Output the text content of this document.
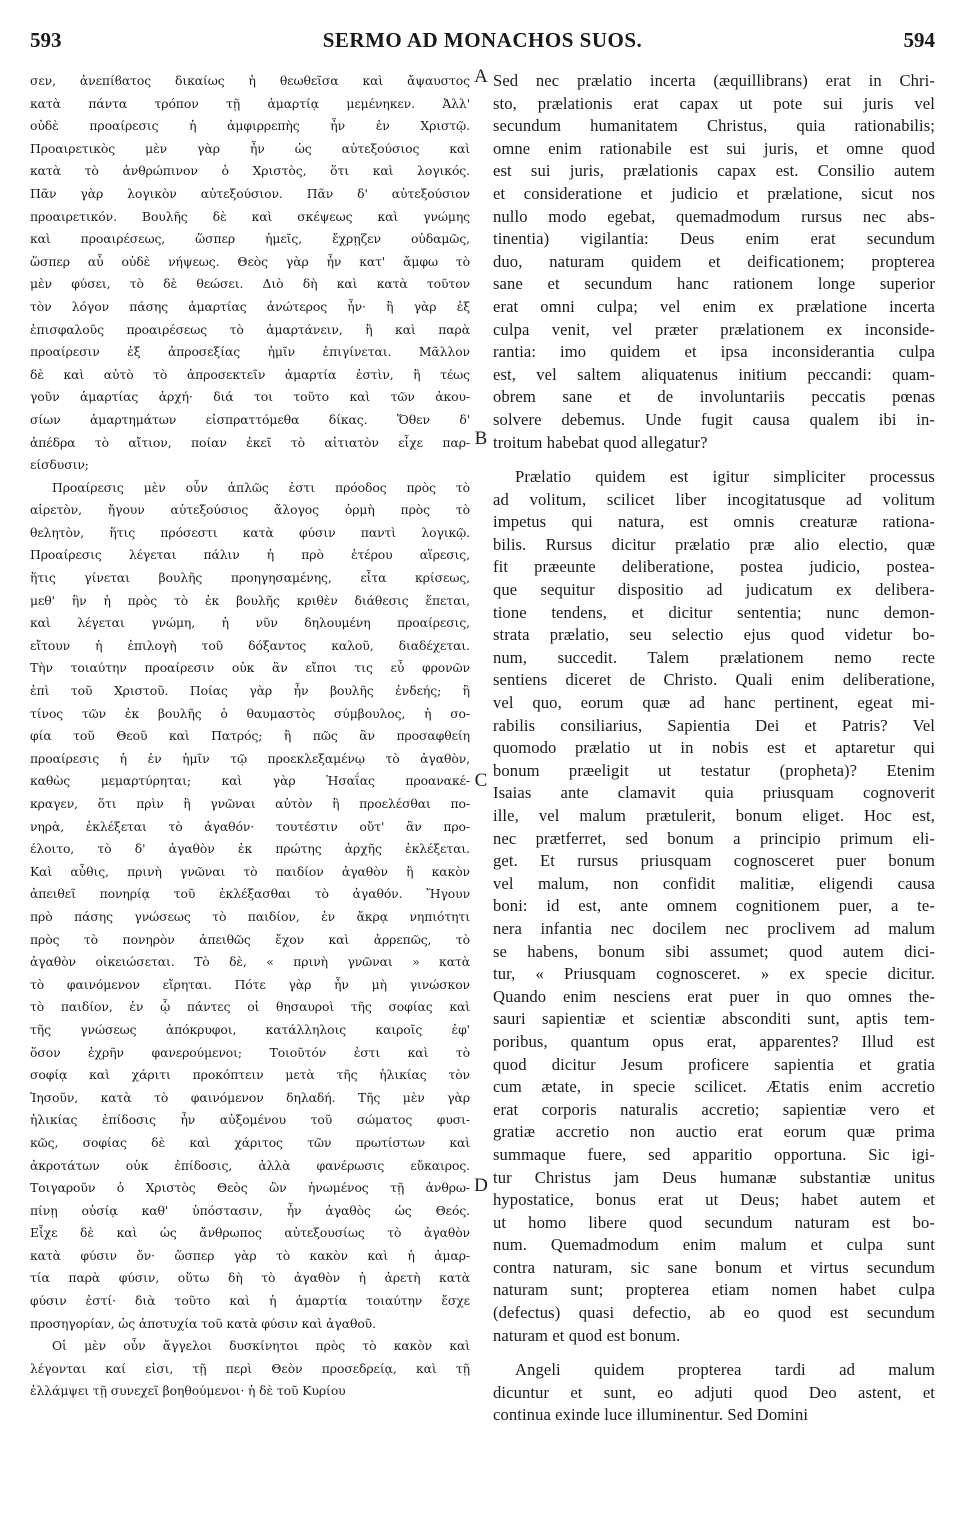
593	SERMO AD MONACHOS SUOS.	594
σεν, ἀνεπίϐατος δικαίως ἡ θεωθεῖσα καὶ ἄψαυστος
κατὰ πάντα τρόπον τῇ ἁμαρτίᾳ μεμένηκεν. Ἀλλ'
οὐδὲ προαίρεσις ἡ ἀμφιρρεπὴς ἦν ἐν Χριστῷ.
Προαιρετικὸς μὲν γὰρ ἦν ὡς αὐτεξούσιος καὶ
κατὰ τὸ ἀνθρώπινον ὁ Χριστὸς, ὅτι καὶ λογικός.
Πᾶν γὰρ λογικὸν αὐτεξούσιον. Πᾶν δ' αὐτεξούσιον
προαιρετικόν. Βουλῆς δὲ καὶ σκέψεως καὶ γνώμης
καὶ προαιρέσεως, ὥσπερ ἡμεῖς, ἔχρῃζεν οὐδαμῶς,
ὥσπερ αὖ οὐδὲ νήψεως. Θεὸς γὰρ ἦν κατ' ἄμφω τὸ
μὲν φύσει, τὸ δὲ θεώσει. Διὸ δὴ καὶ κατὰ τοῦτον
τὸν λόγον πάσης ἁμαρτίας ἀνώτερος ἦν· ἢ γὰρ ἐξ
ἐπισφαλοῦς προαιρέσεως τὸ ἁμαρτάνειν, ἢ καὶ παρὰ
προαίρεσιν ἐξ ἀπροσεξίας ἡμῖν ἐπιγίνεται. Μᾶλλον
δὲ καὶ αὐτὸ τὸ ἀπροσεκτεῖν ἁμαρτία ἐστὶν, ἢ τέως
γοῦν ἁμαρτίας ἀρχή· διά τοι τοῦτο καὶ τῶν ἀκου-
σίων ἁμαρτημάτων εἰσπραττόμεθα δίκας. Ὅθεν δ'
ἀπέδρα τὸ αἴτιον, ποίαν ἐκεῖ τὸ αἰτιατὸν εἶχε παρ-
είσδυσιν;
Προαίρεσις μὲν οὖν ἁπλῶς ἐστι πρόοδος πρὸς τὸ
αἱρετὸν, ἤγουν αὐτεξούσιος ἄλογος ὁρμὴ πρὸς τὸ
θελητὸν, ἥτις πρόσεστι κατὰ φύσιν παντὶ λογικῷ.
Προαίρεσις λέγεται πάλιν ἡ πρὸ ἑτέρου αἵρεσις,
ἥτις γίνεται βουλῆς προηγησαμένης, εἶτα κρίσεως,
μεθ' ἣν ἡ πρὸς τὸ ἐκ βουλῆς κριθὲν διάθεσις ἕπεται,
καὶ λέγεται γνώμη, ἡ νῦν δηλουμένη προαίρεσις,
εἴτουν ἡ ἐπιλογὴ τοῦ δόξαντος καλοῦ, διαδέχεται.
Τὴν τοιαύτην προαίρεσιν οὐκ ἂν εἴποι τις εὖ φρονῶν
ἐπὶ τοῦ Χριστοῦ. Ποίας γὰρ ἦν βουλῆς ἐνδεής; ἢ
τίνος τῶν ἐκ βουλῆς ὁ θαυμαστὸς σύμβουλος, ἡ σο-
φία τοῦ Θεοῦ καὶ Πατρός; ἢ πῶς ἂν προσαφθείη
προαίρεσις ἡ ἐν ἡμῖν τῷ προεκλεξαμένῳ τὸ ἀγαθὸν,
καθὼς μεμαρτύρηται; καὶ γὰρ Ἡσαΐας προανακέ-
κραγεν, ὅτι πρὶν ἢ γνῶναι αὐτὸν ἢ προελέσθαι πο-
νηρὰ, ἐκλέξεται τὸ ἀγαθόν· τουτέστιν οὔτ' ἂν προ-
έλοιτο, τὸ δ' ἀγαθὸν ἐκ πρώτης ἀρχῆς ἐκλέξεται.
Καὶ αὖθις, πρινὴ γνῶναι τὸ παιδίον ἀγαθὸν ἢ κακὸν
ἀπειθεῖ πονηρίᾳ τοῦ ἐκλέξασθαι τὸ ἀγαθόν. Ἤγουν
πρὸ πάσης γνώσεως τὸ παιδίον, ἐν ἄκρᾳ νηπιότητι
πρὸς τὸ πονηρὸν ἀπειθῶς ἔχον καὶ ἀρρεπῶς, τὸ
ἀγαθὸν οἰκειώσεται. Τὸ δὲ, « πρινὴ γνῶναι » κατὰ
τὸ φαινόμενον εἴρηται. Πότε γὰρ ἦν μὴ γινώσκον
τὸ παιδίον, ἐν ᾧ πάντες οἱ θησαυροὶ τῆς σοφίας καὶ
τῆς γνώσεως ἀπόκρυφοι, κατάλληλοις καιροῖς ἐφ'
ὅσον ἐχρῆν φανερούμενοι; Τοιοῦτόν ἐστι καὶ τὸ
σοφίᾳ καὶ χάριτι προκόπτειν μετὰ τῆς ἡλικίας τὸν
Ἰησοῦν, κατὰ τὸ φαινόμενον δηλαδή. Τῆς μὲν γὰρ
ἡλικίας ἐπίδοσις ἦν αὐξομένου τοῦ σώματος φυσι-
κῶς, σοφίας δὲ καὶ χάριτος τῶν πρωτίστων καὶ
ἀκροτάτων οὐκ ἐπίδοσις, ἀλλὰ φανέρωσις εὔκαιρος.
Τοιγαροῦν ὁ Χριστὸς Θεὸς ὢν ἡνωμένος τῇ ἀνθρω-
πίνῃ οὐσίᾳ καθ' ὑπόστασιν, ἦν ἀγαθὸς ὡς Θεός.
Εἶχε δὲ καὶ ὡς ἄνθρωπος αὐτεξουσίως τὸ ἀγαθὸν
κατὰ φύσιν ὄν· ὥσπερ γὰρ τὸ κακὸν καὶ ἡ ἁμαρ-
τία παρὰ φύσιν, οὕτω δὴ τὸ ἀγαθὸν ἡ ἀρετὴ κατὰ
φύσιν ἐστί· διὰ τοῦτο καὶ ἡ ἁμαρτία τοιαύτην ἔσχε
προσηγορίαν, ὡς ἀποτυχία τοῦ κατὰ φύσιν καὶ ἀγαθοῦ.
Οἱ μὲν οὖν ἄγγελοι δυσκίνητοι πρὸς τὸ κακὸν καὶ
λέγονται καί εἰσι, τῇ περὶ Θεὸν προσεδρείᾳ, καὶ τῇ
ἐλλάμψει τῇ συνεχεῖ βοηθούμενοι· ἡ δὲ τοῦ Κυρίου
Sed nec prælatio incerta (æquillibrans) erat in Chri-
sto, prælationis erat capax ut pote sui juris vel
secundum humanitatem Christus, quia rationabilis;
omne enim rationabile est sui juris, et omne quod
est sui juris, prælationis capax est. Consilio autem
et consideratione et judicio et prælatione, sicut nos
nullo modo egebat, quemadmodum rursus nec abs-
tinentia) vigilantia: Deus enim erat secundum
duo, naturam quidem et deificationem; propterea
sane et secundum hanc rationem longe superior
erat omni culpa; vel enim ex prælatione incerta
culpa venit, vel præter prælationem ex inconside-
rantia: imo quidem et ipsa inconsiderantia culpa
est, vel saltem aliquatenus initium peccandi: quam-
obrem sane et de involuntariis peccatis pœnas
solvere debemus. Unde fugit causa qualem ibi in-
troitum habebat quod allegatur?
Prælatio quidem est igitur simpliciter processus
ad volitum, scilicet liber incogitatusque ad volitum
impetus qui natura, est omnis creaturæ rationa-
bilis. Rursus dicitur prælatio præ alio electio, quæ
fit præeunte deliberatione, postea judicio, postea-
que sequitur dispositio ad judicatum ex delibera-
tione tendens, et dicitur sententia; nunc demon-
strata prælatio, seu selectio ejus quod videtur bo-
num, succedit. Talem prælationem nemo recte
sentiens diceret de Christo. Quali enim deliberatione,
vel quo, eorum quæ ad hanc pertinent, egeat mi-
rabilis consiliarius, Sapientia Dei et Patris? Vel
quomodo prælatio ut in nobis est et aptaretur qui
bonum præeligit ut testatur (propheta)? Etenim
Isaias ante clamavit quia priusquam cognoverit
ille, vel malum prætulerit, bonum eliget. Hoc est,
nec prætferret, sed bonum a principio primum eli-
get. Et rursus priusquam cognosceret puer bonum
vel malum, non confidit malitiæ, eligendi causa
boni: id est, ante omnem cognitionem puer, a te-
nera infantia nec docilem nec proclivem ad malum
se habens, bonum sibi assumet; quod autem dici-
tur, « Priusquam cognosceret. » ex specie dicitur.
Quando enim nesciens erat puer in quo omnes the-
sauri sapientiæ et scientiæ absconditi sunt, aptis tem-
poribus, quantum opus erat, apparentes? Illud est
quod dicitur Jesum proficere sapientia et gratia
cum ætate, in specie scilicet. Ætatis enim accretio
erat corporis naturalis accretio; sapientiæ vero et
gratiæ accretio non auctio erat eorum quæ prima
summaque fuere, sed apparitio opportuna. Sic igi-
tur Christus jam Deus humanæ substantiæ unitus
hypostatice, bonus erat ut Deus; habet autem et
ut homo libere quod secundum naturam est bo-
num. Quemadmodum enim malum et culpa sunt
contra naturam, sic sane bonum et virtus secundum
naturam sunt; propterea etiam nomen habet culpa
(defectus) quasi defectio, ab eo quod est secundum
naturam et quod est bonum.
Angeli quidem propterea tardi ad malum
dicuntur et sunt, eo adjuti quod Deo astent, et
continua exinde luce illuminentur. Sed Domini
A
B
C
D
